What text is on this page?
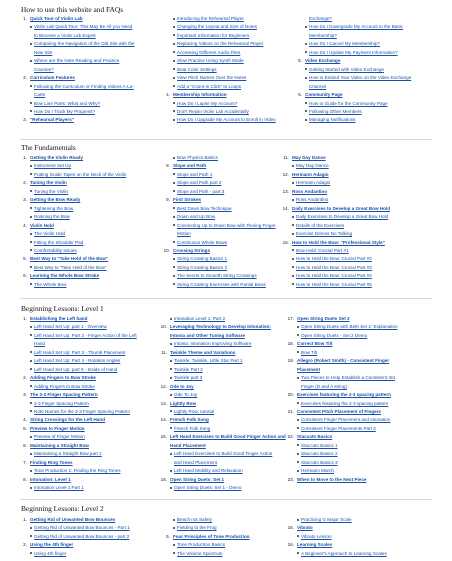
How to use this website and FAQs
1. Quick Tour of Violin Lab
Violin Lab Quick Tour: This May Be All you Need
to Become a Violin Lab Expert
Comparing the Navigation of the Old Site with the
New Site
Where are the Note Reading and Practice
Courses?
2. Curriculum Features
Following the Curriculum or Finding Videos A-La-
Carte
Bow Line Parts: What and Why?
How Do I Track My Progress?
3. "Rehearsal Players"
Introducing the Rehearsal Player
Changing the Layout and Size of Notes
Important Information for Beginners
Replacing Videos on the Rehearsal Player
Accessing Different Audio Files
Slow Practice Using Synth Mode
Beat Color Settings
View Pitch Names Over the Notes
Add a "Count-in Click" to Loops
4. Membership Information
How Do I Lapse My Account?
Don't Rejoin Violin Lab Accidentally
How Do I Upgrade My Account to Enroll in Video
Exchange?
How Do I Downgrade My Account to the Basic
Membership?
How Do I Cancel My Membership?
How Do I Update My Payment Information?
5. Video Exchange
Getting Started with Video Exchange
How to Embed Your Video on the Video Exchange
Channel
6. Community Page
How to Guide for the Community Page
Following Other Members
Managing Notifications
The Fundamentals
1. Getting the Violin Ready
Instrument Set Up
Putting Guide Tapes on the Neck of the Violin
2. Tuning the Violin
Tuning the Violin
3. Getting the Bow Ready
Tightening the Bow
Rosining the Bow
4. Violin Hold
The Violin Hold
Fitting the Shoulder Pad
Comfortability Issues
5. Best Way to "Take Hold of the Bow"
Best Way to "Take Hold of the Bow"
6. Learning the Whole Bow Stroke
The Whole Bow
Bow Physics Basics
8. Slope and Path
Slope and Path 1
Slope and Path part 2
Slope and Path - part 3
9. First Strokes
Best Down Bow Technique
Down and Up Bow
Connecting Up to Down Bow with Flexing Finger
Motion
Continuous Whole Bows
10. Crossing Strings
String Crossing Basics 1
String Crossing Basics 2
The Secret to Smooth String Crossings
String Crossing Exercises with Partial Bows
11. May Day Dance
May Day Dance
12. Hermann Adagio
Hermann Adagio
13. Ross Andantino
Ross Andantino
14. Daily Exercises to Develop a Great Bow Hold
Daily Exercises to Develop a Great Bow Hold
Details of the Exercises
Exercise Demos No Talking
15. How to Hold the Bow: "Professional Style"
Bow Hold: Crucial Part #1
How to Hold the Bow: Crucial Part #2
How to Hold the Bow: Crucial Part #3
How to Hold the Bow: Crucial Part #4
How to Hold the Bow: Crucial Part #5
Beginning Lessons: Level 1
1. Establishing the Left hand
Left Hand Set Up: part 1 - Overview
Left Hand Set Up: Part 2 - Finger Action of the Left
Hand
Left Hand Set Up: Part 3 - Thumb Placement
Left Hand Set Up: Part 4 - Rotation Angles
Left Hand Set Up: part 5 - Inside of Hand
2. Adding Fingers to Bow Stroke
Adding Fingers to Bow Stroke
3. The 2-3 Finger Spacing Pattern
2-3 Finger Spacing Pattern
Note Names for the 2-3 Finger Spacing Pattern
4. String Crossings for the Left Hand
5. Preview to Finger Motion
Preview of Finger Motion
6. Maintaining a Straight Bow
Maintaining a Straight Bow part 1
7. Finding Ring Tones
Tone Production 1: Finding the Ring Tones
8. Intonation: Level 1
Intonation Level 1 Part 1
Intonation Level 1: Part 2
10. Leveraging Technology to Develop Intonation:
Intonia and Other Tuning Software
Intonia: Intonation Improving Software
11. Twinkle Theme and Variations
Twinkle, Twinkle, Little Star Part 1
Twinkle Part 2
Twinkle part 3
12. Ode to Joy
Ode To Joy
13. Lightly Row
Lightly Row: tutorial
14. French Folk Song
French Folk Song
15. Left Hand Exercises to Build Good Finger Action and
Hand Placement
Left Hand Exercises to Build Good Finger Action
and Hand Placement
Left Hand Mobility and Relaxation
16. Open String Duets: Set 1
Open String Duets: Set 1 - Demo
17. Open String Duets Set 2
Open String Duets with Beth Set 2: Explanation
Open String Duets - Set 2 Demo
18. Correct Bow Tilt
Bow Tilt
19. Allegro (Robert Smith) - Consistent Finger
Placement
Two Pieces to Help Establish a Consistent 3rd
Finger (D and A string)
20. Exercises featuring the 2-3 spacing pattern
Exercises featuring the 2-3 spacing pattern
21. Consistent Pitch Placement of Fingers
Consistent Finger Placement and Intonation
Consistent Finger Placements Part 2
22. Staccato Basics
Staccato Basics 1
Staccato Basics 2
Staccato Basics 3
Hermann March
23. When to Move to the Next Piece
Beginning Lessons: Level 2
1. Getting Rid of Unwanted Bow Bounces
Getting Rid of Unwanted Bow Bounces - Part 1
Getting Rid of Unwanted Bow Bounces - part 2
2. Using the 4th finger
Using 4th finger
Beach not Safety
Fielding to the Frog
5. Four Principles of Tone Production
Tone Production Basics
The Volume Spectrum
Practicing G Major Scale
16. Vibrato
Vibrato Lesson
16. Learning Scales
A Beginner's Approach to Learning Scales
